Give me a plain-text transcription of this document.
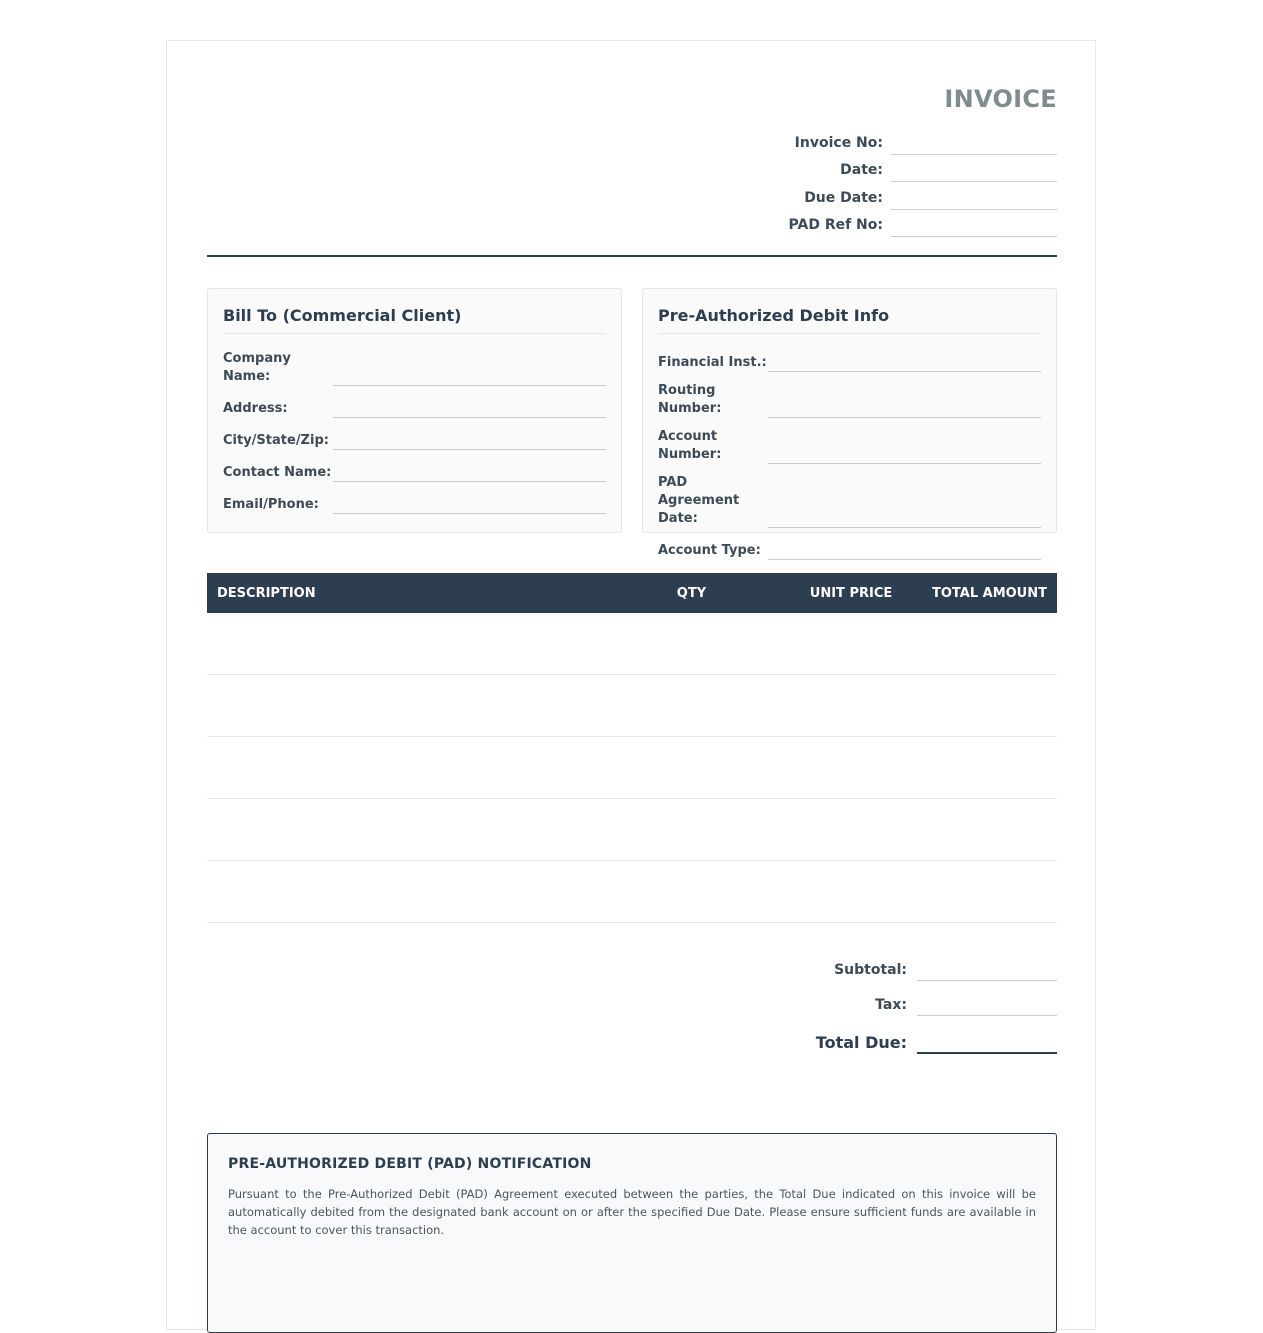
INVOICE
Invoice No:
Date:
Due Date:
PAD Ref No:
Bill To (Commercial Client)
Company Name:
Address:
City/State/Zip:
Contact Name:
Email/Phone:
Pre-Authorized Debit Info
Financial Inst.:
Routing Number:
Account Number:
PAD Agreement Date:
Account Type:
DESCRIPTION	QTY	UNIT PRICE	TOTAL AMOUNT

Subtotal:
Tax:
Total Due:
PRE-AUTHORIZED DEBIT (PAD) NOTIFICATION
Pursuant to the Pre-Authorized Debit (PAD) Agreement executed between the parties, the Total Due indicated on this invoice will be automatically debited from the designated bank account on or after the specified Due Date. Please ensure sufficient funds are available in the account to cover this transaction.
